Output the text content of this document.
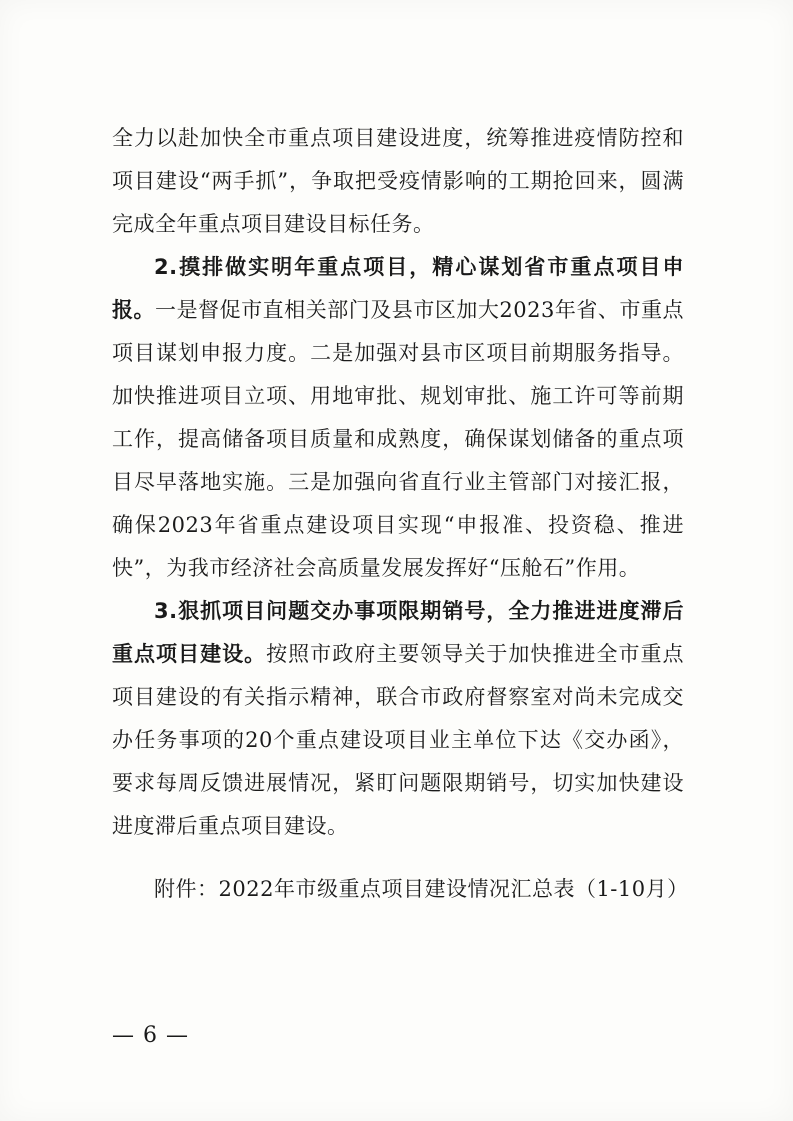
全力以赴加快全市重点项目建设进度，统筹推进疫情防控和项目建设“两手抓”，争取把受疫情影响的工期抢回来，圆满完成全年重点项目建设目标任务。

2.摸排做实明年重点项目，精心谋划省市重点项目申报。一是督促市直相关部门及县市区加大2023年省、市重点项目谋划申报力度。二是加强对县市区项目前期服务指导。加快推进项目立项、用地审批、规划审批、施工许可等前期工作，提高储备项目质量和成熟度，确保谋划储备的重点项目尽早落地实施。三是加强向省直行业主管部门对接汇报，确保2023年省重点建设项目实现“申报准、投资稳、推进快”，为我市经济社会高质量发展发挥好“压舱石”作用。

3.狠抓项目问题交办事项限期销号，全力推进进度滞后重点项目建设。按照市政府主要领导关于加快推进全市重点项目建设的有关指示精神，联合市政府督察室对尚未完成交办任务事项的20个重点建设项目业主单位下达《交办函》，要求每周反馈进展情况，紧盯问题限期销号，切实加快建设进度滞后重点项目建设。

附件：2022年市级重点项目建设情况汇总表（1-10月）

— 6 —
